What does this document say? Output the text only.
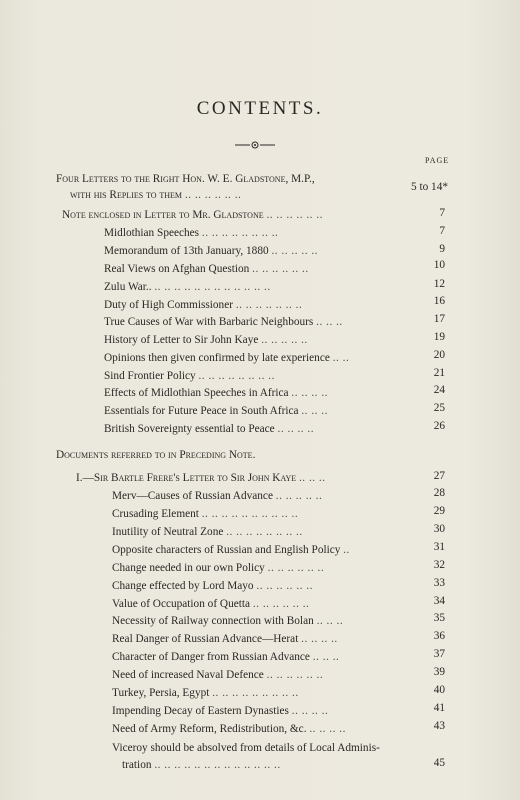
CONTENTS.
PAGE
Four Letters to the Right Hon. W. E. Gladstone, M.P.,
with his Replies to them .. .. .. .. .. ..
5 to 14*
Note enclosed in Letter to Mr. Gladstone .. .. .. .. .. ..	7
Midlothian Speeches .. .. .. .. .. .. .. ..	7
Memorandum of 13th January, 1880 .. .. .. .. ..	9
Real Views on Afghan Question .. .. .. .. .. ..	10
Zulu War.. .. .. .. .. .. .. .. .. .. .. .. ..	12
Duty of High Commissioner .. .. .. .. .. .. ..	16
True Causes of War with Barbaric Neighbours .. .. ..	17
History of Letter to Sir John Kaye .. .. .. .. ..	19
Opinions then given confirmed by late experience .. ..	20
Sind Frontier Policy .. .. .. .. .. .. .. ..	21
Effects of Midlothian Speeches in Africa .. .. .. ..	24
Essentials for Future Peace in South Africa .. .. ..	25
British Sovereignty essential to Peace .. .. .. ..	26
Documents referred to in Preceding Note.
I.—Sir Bartle Frere's Letter to Sir John Kaye .. .. ..	27
Merv—Causes of Russian Advance .. .. .. .. ..	28
Crusading Element .. .. .. .. .. .. .. .. .. ..	29
Inutility of Neutral Zone .. .. .. .. .. .. .. ..	30
Opposite characters of Russian and English Policy ..	31
Change needed in our own Policy .. .. .. .. .. ..	32
Change effected by Lord Mayo .. .. .. .. .. ..	33
Value of Occupation of Quetta .. .. .. .. .. ..	34
Necessity of Railway connection with Bolan .. .. ..	35
Real Danger of Russian Advance—Herat .. .. .. ..	36
Character of Danger from Russian Advance .. .. ..	37
Need of increased Naval Defence .. .. .. .. .. ..	39
Turkey, Persia, Egypt .. .. .. .. .. .. .. .. ..	40
Impending Decay of Eastern Dynasties .. .. .. ..	41
Need of Army Reform, Redistribution, &c. .. .. .. ..	43
Viceroy should be absolved from details of Local Adminis-
tration .. .. .. .. .. .. .. .. .. .. .. .. ..	45
